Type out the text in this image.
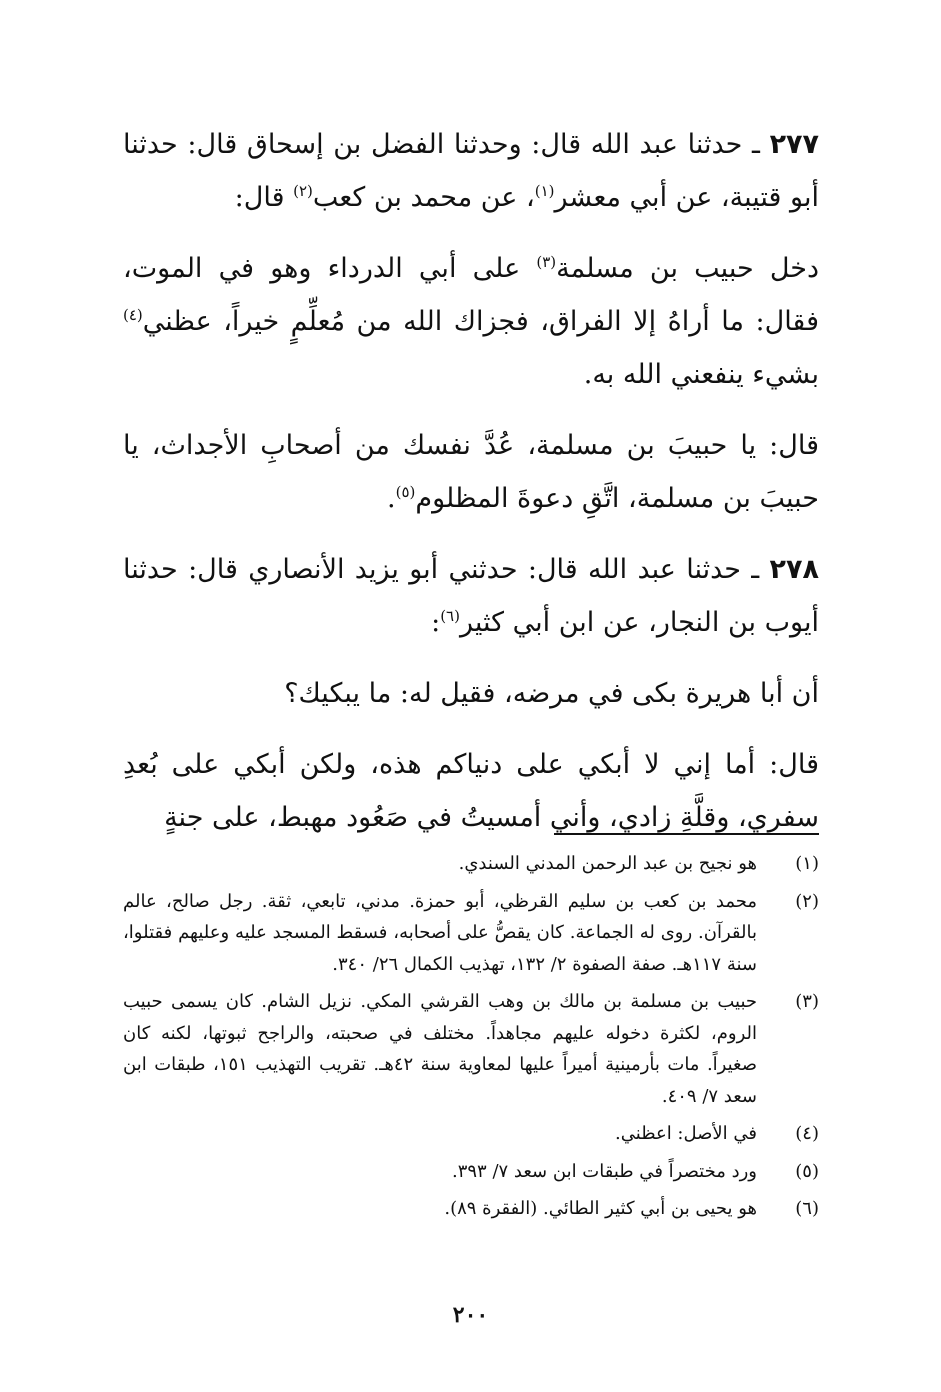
٢٧٧ ـ حدثنا عبد الله قال: وحدثنا الفضل بن إسحاق قال: حدثنا أبو قتيبة، عن أبي معشر$^{(١)}$، عن محمد بن كعب$^{(٢)}$ قال:

دخل حبيب بن مسلمة$^{(٣)}$ على أبي الدرداء وهو في الموت، فقال: ما أراهُ إلا الفراق، فجزاك الله من مُعلِّمٍ خيراً، عظني$^{(٤)}$ بشيء ينفعني الله به.

قال: يا حبيبَ بن مسلمة، عُدَّ نفسك من أصحابِ الأجداث، يا حبيبَ بن مسلمة، اتَّقِ دعوةَ المظلوم$^{(٥)}$.

٢٧٨ ـ حدثنا عبد الله قال: حدثني أبو يزيد الأنصاري قال: حدثنا أيوب بن النجار، عن ابن أبي كثير$^{(٦)}$:

أن أبا هريرة بكى في مرضه، فقيل له: ما يبكيك؟

قال: أما إني لا أبكي على دنياكم هذه، ولكن أبكي على بُعدِ سفري، وقلَّةِ زادي، وأني أمسيتُ في صَعُود مهبط، على جنةٍ

(١)
هو نجيح بن عبد الرحمن المدني السندي.
(٢)
محمد بن كعب بن سليم القرظي، أبو حمزة. مدني، تابعي، ثقة. رجل صالح، عالم بالقرآن. روى له الجماعة. كان يقصُّ على أصحابه، فسقط المسجد عليه وعليهم فقتلوا، سنة ١١٧هـ. صفة الصفوة ٢/ ١٣٢، تهذيب الكمال ٢٦/ ٣٤٠.
(٣)
حبيب بن مسلمة بن مالك بن وهب القرشي المكي. نزيل الشام. كان يسمى حبيب الروم، لكثرة دخوله عليهم مجاهداً. مختلف في صحبته، والراجح ثبوتها، لكنه كان صغيراً. مات بأرمينية أميراً عليها لمعاوية سنة ٤٢هـ. تقريب التهذيب ١٥١، طبقات ابن سعد ٧/ ٤٠٩.
(٤)
في الأصل: اعظني.
(٥)
ورد مختصراً في طبقات ابن سعد ٧/ ٣٩٣.
(٦)
هو يحيى بن أبي كثير الطائي. (الفقرة ٨٩).
٢٠٠
